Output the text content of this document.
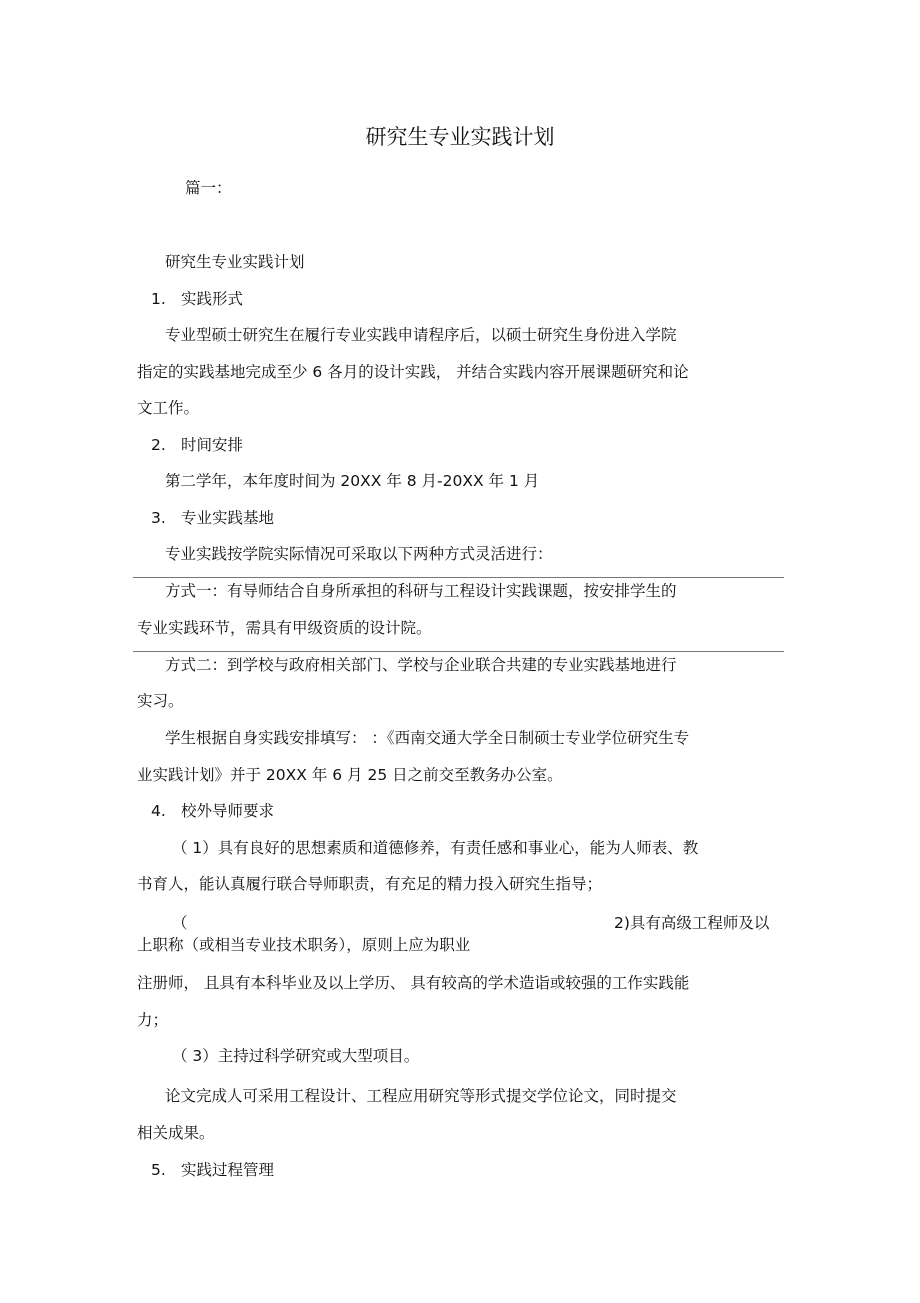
研究生专业实践计划
篇一：
研究生专业实践计划
1. 实践形式
专业型硕士研究生在履行专业实践申请程序后，以硕士研究生身份进入学院
指定的实践基地完成至少 6 各月的设计实践， 并结合实践内容开展课题研究和论
文工作。
2. 时间安排
第二学年，本年度时间为 20XX 年 8 月-20XX 年 1 月
3. 专业实践基地
专业实践按学院实际情况可采取以下两种方式灵活进行：
方式一：有导师结合自身所承担的科研与工程设计实践课题，按安排学生的
专业实践环节，需具有甲级资质的设计院。
方式二：到学校与政府相关部门、学校与企业联合共建的专业实践基地进行
实习。
学生根据自身实践安排填写： ：《西南交通大学全日制硕士专业学位研究生专
业实践计划》并于 20XX 年 6 月 25 日之前交至教务办公室。
4. 校外导师要求
（ 1）具有良好的思想素质和道德修养，有责任感和事业心，能为人师表、教
书育人，能认真履行联合导师职责，有充足的精力投入研究生指导；
（	2)具有高级工程师及以
上职称（或相当专业技术职务），原则上应为职业
注册师， 且具有本科毕业及以上学历、 具有较高的学术造诣或较强的工作实践能
力；
（ 3）主持过科学研究或大型项目。
论文完成人可采用工程设计、工程应用研究等形式提交学位论文，同时提交
相关成果。
5. 实践过程管理
